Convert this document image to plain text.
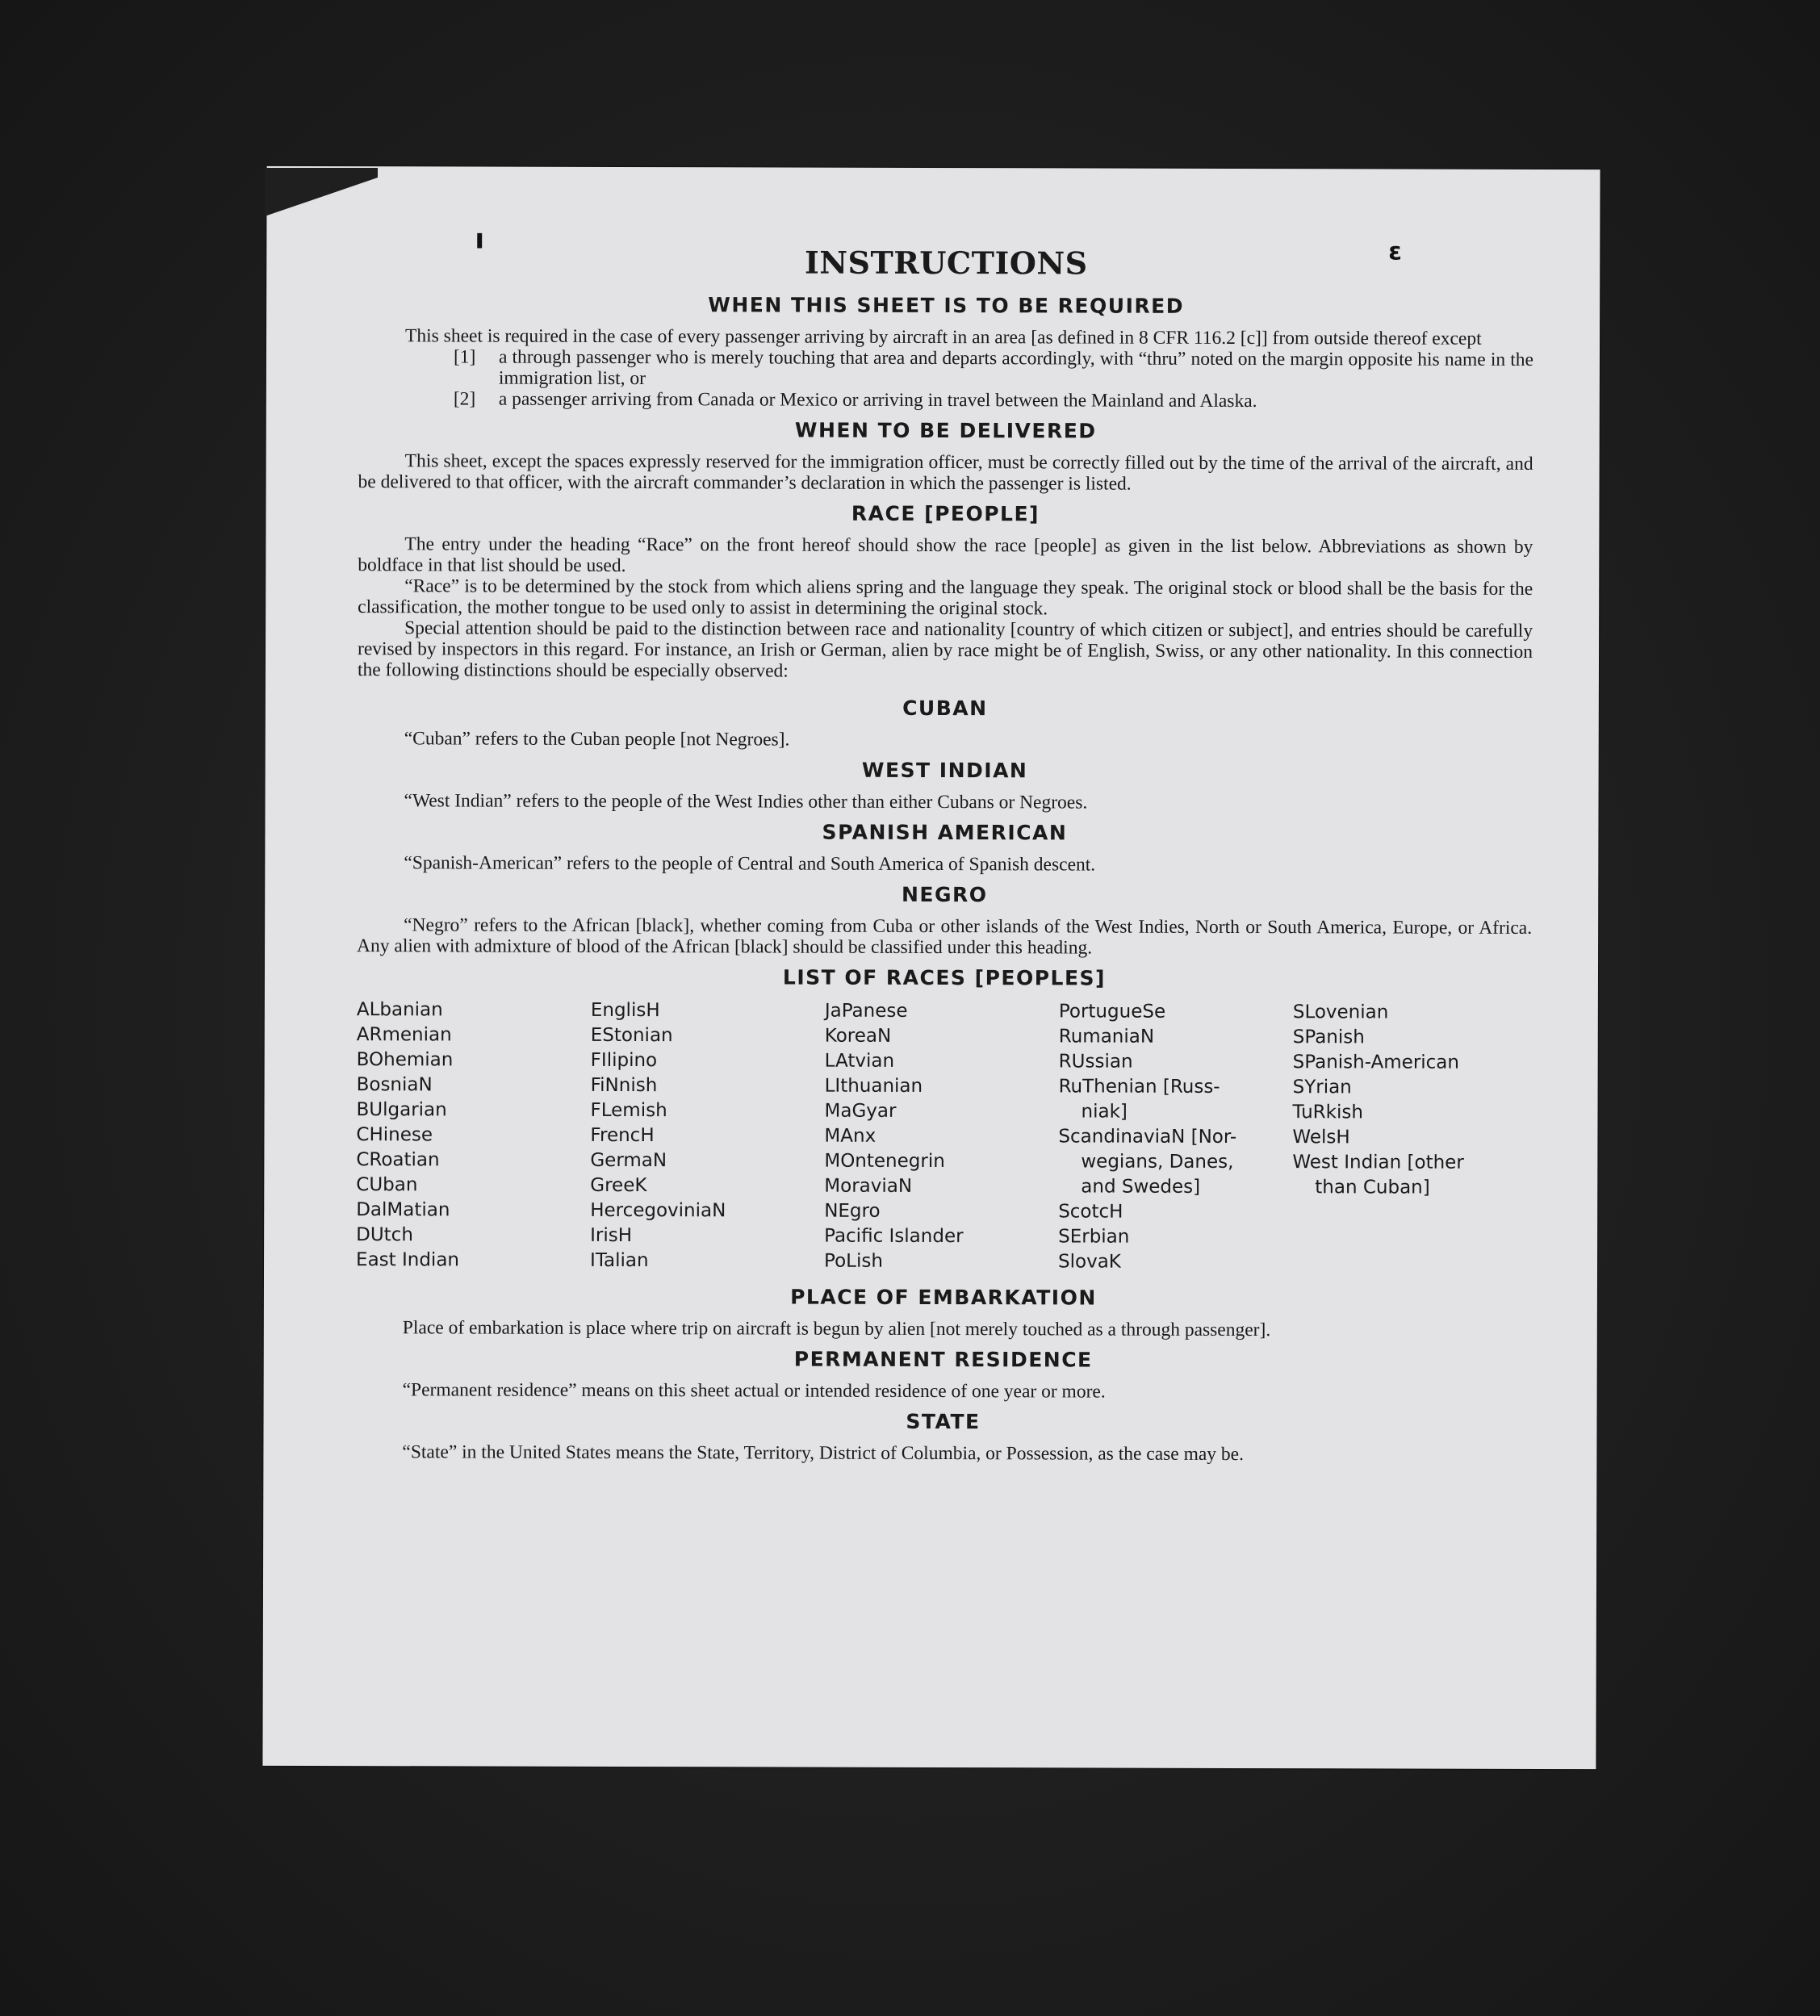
ı	ɛ
INSTRUCTIONS
WHEN THIS SHEET IS TO BE REQUIRED

This sheet is required in the case of every passenger arriving by aircraft in an area [as defined in 8 CFR 116.2 [c]] from outside thereof except

[1]	a through passenger who is merely touching that area and departs accordingly, with “thru” noted on the margin opposite his name in the immigration list, or
[2]	a passenger arriving from Canada or Mexico or arriving in travel between the Mainland and Alaska.
WHEN TO BE DELIVERED

This sheet, except the spaces expressly reserved for the immigration officer, must be correctly filled out by the time of the arrival of the aircraft, and be delivered to that officer, with the aircraft commander’s declaration in which the passenger is listed.

RACE [PEOPLE]

The entry under the heading “Race” on the front hereof should show the race [people] as given in the list below. Abbreviations as shown by boldface in that list should be used.

“Race” is to be determined by the stock from which aliens spring and the language they speak. The original stock or blood shall be the basis for the classification, the mother tongue to be used only to assist in determining the original stock.

Special attention should be paid to the distinction between race and nationality [country of which citizen or subject], and entries should be carefully revised by inspectors in this regard. For instance, an Irish or German, alien by race might be of English, Swiss, or any other nationality. In this connection the following distinctions should be especially observed:

CUBAN

“Cuban” refers to the Cuban people [not Negroes].

WEST INDIAN

“West Indian” refers to the people of the West Indies other than either Cubans or Negroes.

SPANISH AMERICAN

“Spanish-American” refers to the people of Central and South America of Spanish descent.

NEGRO

“Negro” refers to the African [black], whether coming from Cuba or other islands of the West Indies, North or South America, Europe, or Africa. Any alien with admixture of blood of the African [black] should be classified under this heading.

LIST OF RACES [PEOPLES]
ALbanian
ARmenian
BOhemian
BosniaN
BUlgarian
CHinese
CRoatian
CUban
DalMatian
DUtch
East Indian
EnglisH
EStonian
FIlipino
FiNnish
FLemish
FrencH
GermaN
GreeK
HercegoviniaN
IrisH
ITalian
JaPanese
KoreaN
LAtvian
LIthuanian
MaGyar
MAnx
MOntenegrin
MoraviaN
NEgro
Pacific Islander
PoLish
PortugueSe
RumaniaN
RUssian
RuThenian [Russ-
niak]
ScandinaviaN [Nor-
wegians, Danes,
and Swedes]
ScotcH
SErbian
SlovaK
SLovenian
SPanish
SPanish-American
SYrian
TuRkish
WelsH
West Indian [other
than Cuban]
PLACE OF EMBARKATION

Place of embarkation is place where trip on aircraft is begun by alien [not merely touched as a through passenger].

PERMANENT RESIDENCE

“Permanent residence” means on this sheet actual or intended residence of one year or more.

STATE

“State” in the United States means the State, Territory, District of Columbia, or Possession, as the case may be.
